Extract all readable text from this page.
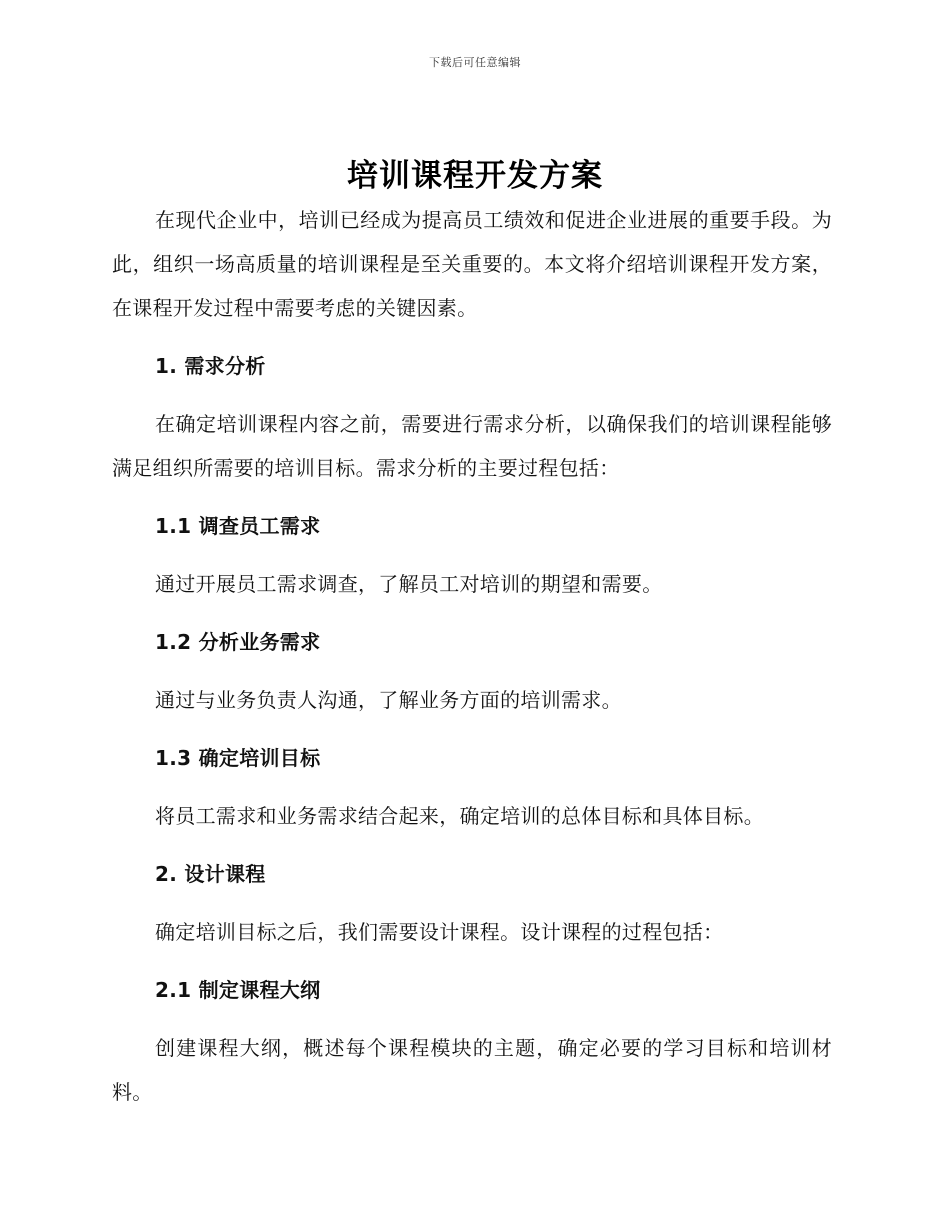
下载后可任意编辑
培训课程开发方案

在现代企业中，培训已经成为提高员工绩效和促进企业进展的重要手段。为此，组织一场高质量的培训课程是至关重要的。本文将介绍培训课程开发方案，在课程开发过程中需要考虑的关键因素。

1. 需求分析

在确定培训课程内容之前，需要进行需求分析，以确保我们的培训课程能够满足组织所需要的培训目标。需求分析的主要过程包括：

1.1 调查员工需求

通过开展员工需求调查，了解员工对培训的期望和需要。

1.2 分析业务需求

通过与业务负责人沟通，了解业务方面的培训需求。

1.3 确定培训目标

将员工需求和业务需求结合起来，确定培训的总体目标和具体目标。

2. 设计课程

确定培训目标之后，我们需要设计课程。设计课程的过程包括：

2.1 制定课程大纲

创建课程大纲，概述每个课程模块的主题，确定必要的学习目标和培训材料。
